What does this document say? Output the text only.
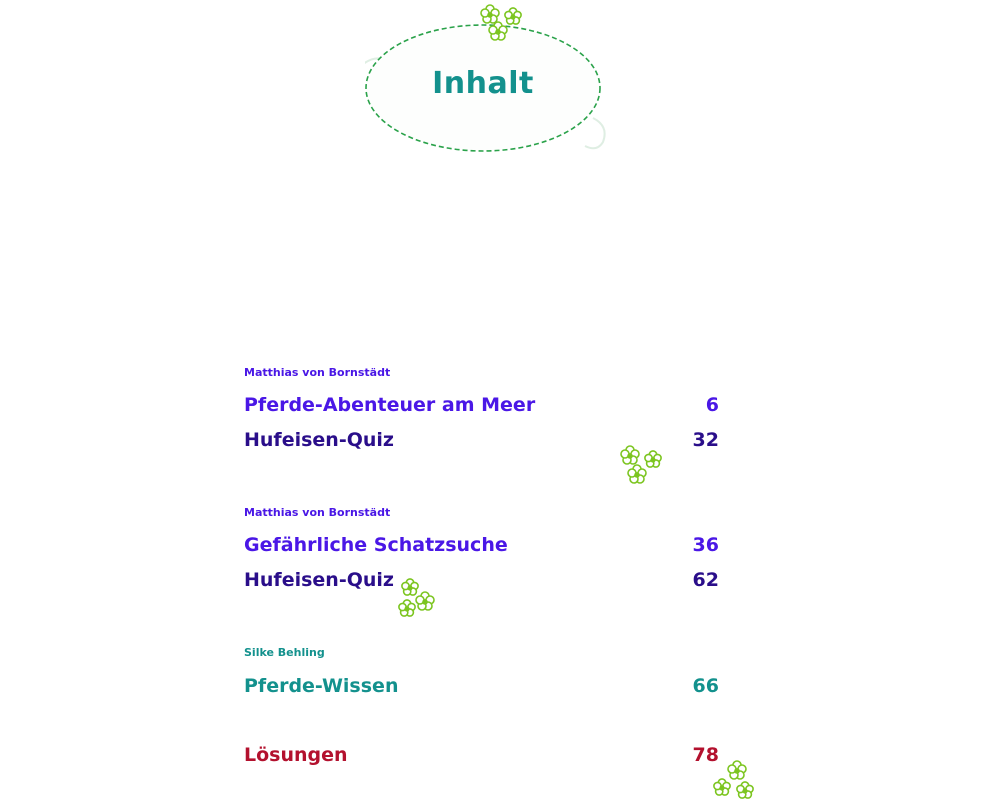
Inhalt
Matthias von Bornstädt
Pferde-Abenteuer am Meer	6
Hufeisen-Quiz	32
Matthias von Bornstädt
Gefährliche Schatzsuche	36
Hufeisen-Quiz	62
Silke Behling
Pferde-Wissen	66
Lösungen	78
